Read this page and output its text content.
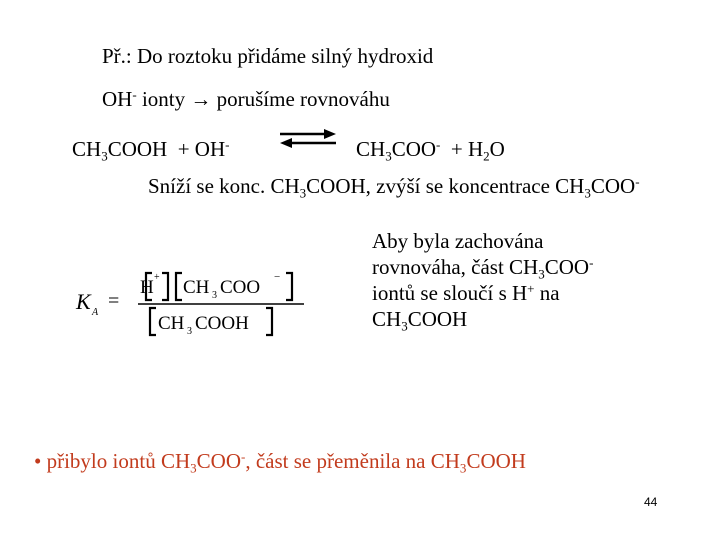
Př.: Do roztoku přidáme silný hydroxid
OH- ionty → porušíme rovnováhu
$CH_3COOH + OH^-$	⇌ $CH_3COO^- + H_2O$
Sníží se konc. $CH_3COOH$, zvýší se koncentrace $CH_3COO^-$
K A
=
H + CH 3 COO −
CH 3 COOH
Aby byla zachována
rovnováha, část $CH_3COO^-$
iontů se sloučí s H+ na
$CH_3COOH$
• přibylo iontů $CH_3COO^-$, část se přeměnila na $CH_3COOH$
44
